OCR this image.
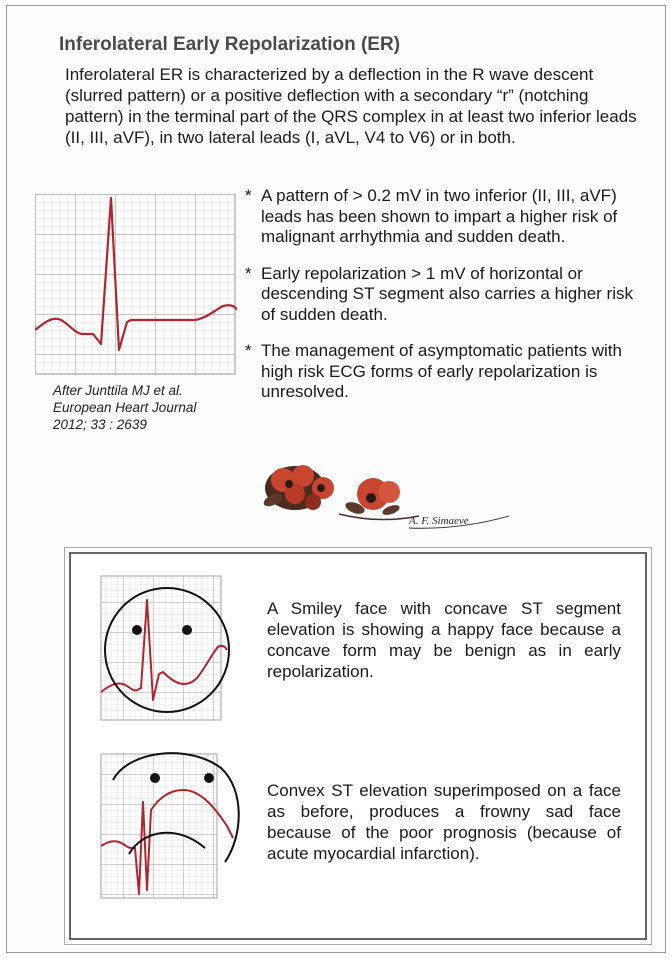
Inferolateral Early Repolarization (ER)
Inferolateral ER is characterized by a deflection in the R wave descent (slurred pattern) or a positive deflection with a secondary “r” (notching pattern) in the terminal part of the QRS complex in at least two inferior leads (II, III, aVF), in two lateral leads (I, aVL, V4 to V6) or in both.
After Junttila MJ et al.
European Heart Journal
2012; 33 : 2639
* A pattern of > 0.2 mV in two inferior (II, III, aVF) leads has been shown to impart a higher risk of malignant arrhythmia and sudden death.
* Early repolarization > 1 mV of horizontal or descending ST segment also carries a higher risk of sudden death.
* The management of asymptomatic patients with high risk ECG forms of early repolarization is unresolved.
A. F. Simaeve
A Smiley face with concave ST segment elevation is showing a happy face because a concave form may be benign as in early repolarization.
Convex ST elevation superimposed on a face as before, produces a frowny sad face because of the poor prognosis (because of acute myocardial infarction).
